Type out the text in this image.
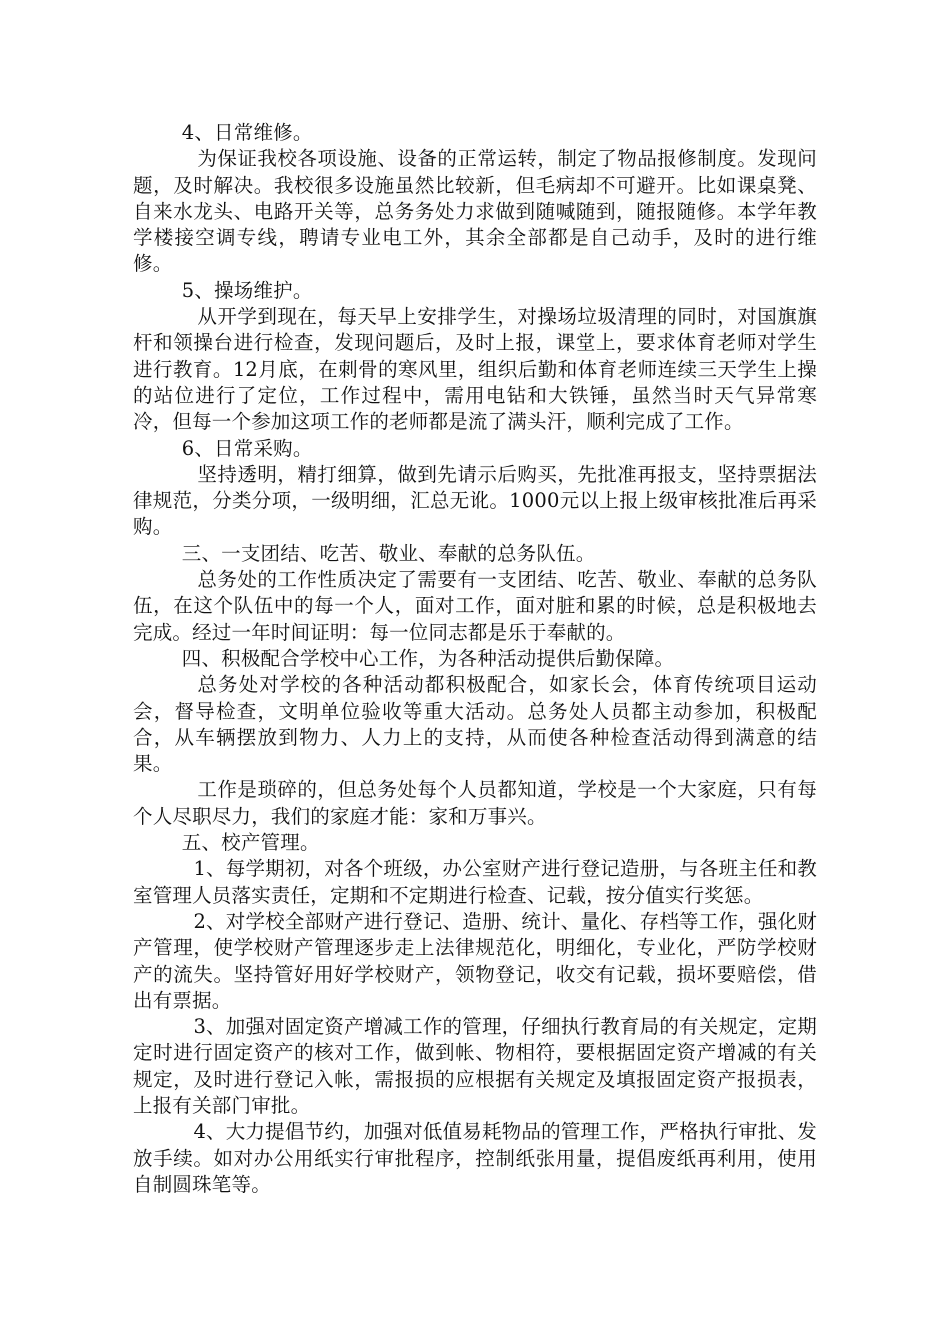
4、日常维修。

为保证我校各项设施、设备的正常运转，制定了物品报修制度。发现问题，及时解决。我校很多设施虽然比较新，但毛病却不可避开。比如课桌凳、自来水龙头、电路开关等，总务务处力求做到随喊随到，随报随修。本学年教学楼接空调专线，聘请专业电工外，其余全部都是自己动手，及时的进行维修。

5、操场维护。

从开学到现在，每天早上安排学生，对操场垃圾清理的同时，对国旗旗杆和领操台进行检查，发现问题后，及时上报，课堂上，要求体育老师对学生进行教育。12月底，在刺骨的寒风里，组织后勤和体育老师连续三天学生上操的站位进行了定位，工作过程中，需用电钻和大铁锤，虽然当时天气异常寒冷，但每一个参加这项工作的老师都是流了满头汗，顺利完成了工作。

6、日常采购。

坚持透明，精打细算，做到先请示后购买，先批准再报支，坚持票据法律规范，分类分项，一级明细，汇总无讹。1000元以上报上级审核批准后再采购。

三、一支团结、吃苦、敬业、奉献的总务队伍。

总务处的工作性质决定了需要有一支团结、吃苦、敬业、奉献的总务队伍，在这个队伍中的每一个人，面对工作，面对脏和累的时候，总是积极地去完成。经过一年时间证明：每一位同志都是乐于奉献的。

四、积极配合学校中心工作，为各种活动提供后勤保障。

总务处对学校的各种活动都积极配合，如家长会，体育传统项目运动会，督导检查，文明单位验收等重大活动。总务处人员都主动参加，积极配合，从车辆摆放到物力、人力上的支持，从而使各种检查活动得到满意的结果。

工作是琐碎的，但总务处每个人员都知道，学校是一个大家庭，只有每个人尽职尽力，我们的家庭才能：家和万事兴。

五、校产管理。

1、每学期初，对各个班级，办公室财产进行登记造册，与各班主任和教室管理人员落实责任，定期和不定期进行检查、记载，按分值实行奖惩。

2、对学校全部财产进行登记、造册、统计、量化、存档等工作，强化财产管理，使学校财产管理逐步走上法律规范化，明细化，专业化，严防学校财产的流失。坚持管好用好学校财产，领物登记，收交有记载，损坏要赔偿，借出有票据。

3、加强对固定资产增减工作的管理，仔细执行教育局的有关规定，定期定时进行固定资产的核对工作，做到帐、物相符，要根据固定资产增减的有关规定，及时进行登记入帐，需报损的应根据有关规定及填报固定资产报损表，上报有关部门审批。

4、大力提倡节约，加强对低值易耗物品的管理工作，严格执行审批、发放手续。如对办公用纸实行审批程序，控制纸张用量，提倡废纸再利用，使用自制圆珠笔等。
